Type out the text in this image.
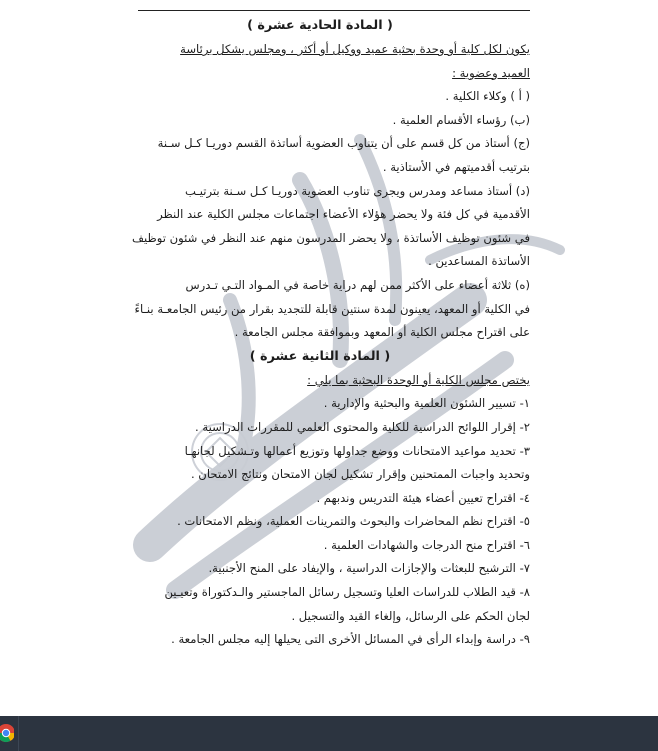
( المادة الحادية عشرة )
يكون لكل كلية أو وحدة بحثية عميد ووكيل أو أكثر ، ومجلس يشكل برئاسة
العميد وعضوية :
( أ ) وكلاء الكلية .
(ب) رؤساء الأقسام العلمية .
(ج) أستاذ من كل قسم على أن يتناوب العضوية أساتذة القسم دوريـا كـل سـنة
بترتيب أقدميتهم في الأستاذية .
(د) أستاذ مساعد ومدرس ويجرى تناوب العضوية دوريـا كـل سـنة بترتيـب
الأقدمية في كل فئة ولا يحضر هؤلاء الأعضاء اجتماعات مجلس الكلية عند النظر
في شئون توظيف الأساتذة ، ولا يحضر المدرسون منهم عند النظر في شئون توظيف
الأساتذة المساعدين .
(ه) ثلاثة أعضاء على الأكثر ممن لهم دراية خاصة في المـواد التـي تـدرس
في الكلية أو المعهد، يعينون لمدة سنتين قابلة للتجديد بقرار من رئيس الجامعـة بنـاءً
على اقتراح مجلس الكلية أو المعهد وبموافقة مجلس الجامعة .
( المادة الثانية عشرة )
يختص مجلس الكلية أو الوحدة البحثية بما يلي :
١- تسيير الشئون العلمية والبحثية والإدارية .
٢- إقرار اللوائح الدراسية للكلية والمحتوى العلمي للمقررات الدراسية .
٣- تحديد مواعيد الامتحانات ووضع جداولها وتوزيع أعمالها وتـشكيل لجانهـا
وتحديد واجبات الممتحنين وإقرار تشكيل لجان الامتحان ونتائج الامتحان .
٤- اقتراح تعيين أعضاء هيئة التدريس وندبهم .
٥- اقتراح نظم المحاضرات والبحوث والتمرينات العملية، ونظم الامتحانات .
٦- اقتراح منح الدرجات والشهادات العلمية .
٧- الترشيح للبعثات والإجازات الدراسية ، والإيفاد على المنح الأجنبية.
٨- قيد الطلاب للدراسات العليا وتسجيل رسائل الماجستير والـدكتوراة وتعيـين
لجان الحكم على الرسائل، وإلغاء القيد والتسجيل .
٩- دراسة وإبداء الرأى في المسائل الأخرى التى يحيلها إليه مجلس الجامعة .
